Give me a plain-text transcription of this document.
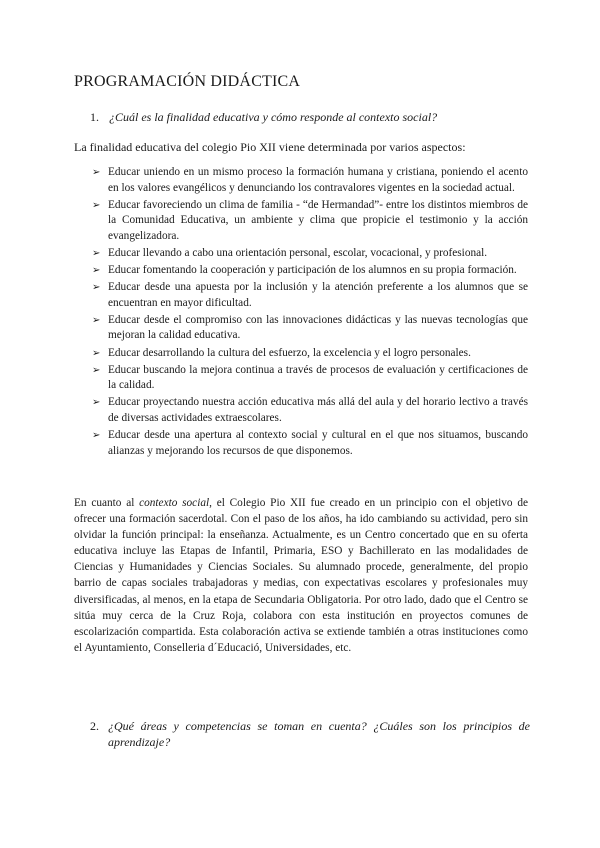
PROGRAMACIÓN DIDÁCTICA
1. ¿Cuál es la finalidad educativa y cómo responde al contexto social?
La finalidad educativa del colegio Pio XII viene determinada por varios aspectos:
➢ Educar uniendo en un mismo proceso la formación humana y cristiana, poniendo el acento en los valores evangélicos y denunciando los contravalores vigentes en la sociedad actual.
➢ Educar favoreciendo un clima de familia - “de Hermandad”- entre los distintos miembros de la Comunidad Educativa, un ambiente y clima que propicie el testimonio y la acción evangelizadora.
➢ Educar llevando a cabo una orientación personal, escolar, vocacional, y profesional.
➢ Educar fomentando la cooperación y participación de los alumnos en su propia formación.
➢ Educar desde una apuesta por la inclusión y la atención preferente a los alumnos que se encuentran en mayor dificultad.
➢ Educar desde el compromiso con las innovaciones didácticas y las nuevas tecnologías que mejoran la calidad educativa.
➢ Educar desarrollando la cultura del esfuerzo, la excelencia y el logro personales.
➢ Educar buscando la mejora continua a través de procesos de evaluación y certificaciones de la calidad.
➢ Educar proyectando nuestra acción educativa más allá del aula y del horario lectivo a través de diversas actividades extraescolares.
➢ Educar desde una apertura al contexto social y cultural en el que nos situamos, buscando alianzas y mejorando los recursos de que disponemos.

En cuanto al contexto social, el Colegio Pio XII fue creado en un principio con el objetivo de ofrecer una formación sacerdotal. Con el paso de los años, ha ido cambiando su actividad, pero sin olvidar la función principal: la enseñanza. Actualmente, es un Centro concertado que en su oferta educativa incluye las Etapas de Infantil, Primaria, ESO y Bachillerato en las modalidades de Ciencias y Humanidades y Ciencias Sociales. Su alumnado procede, generalmente, del propio barrio de capas sociales trabajadoras y medias, con expectativas escolares y profesionales muy diversificadas, al menos, en la etapa de Secundaria Obligatoria. Por otro lado, dado que el Centro se sitúa muy cerca de la Cruz Roja, colabora con esta institución en proyectos comunes de escolarización compartida. Esta colaboración activa se extiende también a otras instituciones como el Ayuntamiento, Conselleria d´Educació, Universidades, etc.

2. ¿Qué áreas y competencias se toman en cuenta? ¿Cuáles son los principios de aprendizaje?
